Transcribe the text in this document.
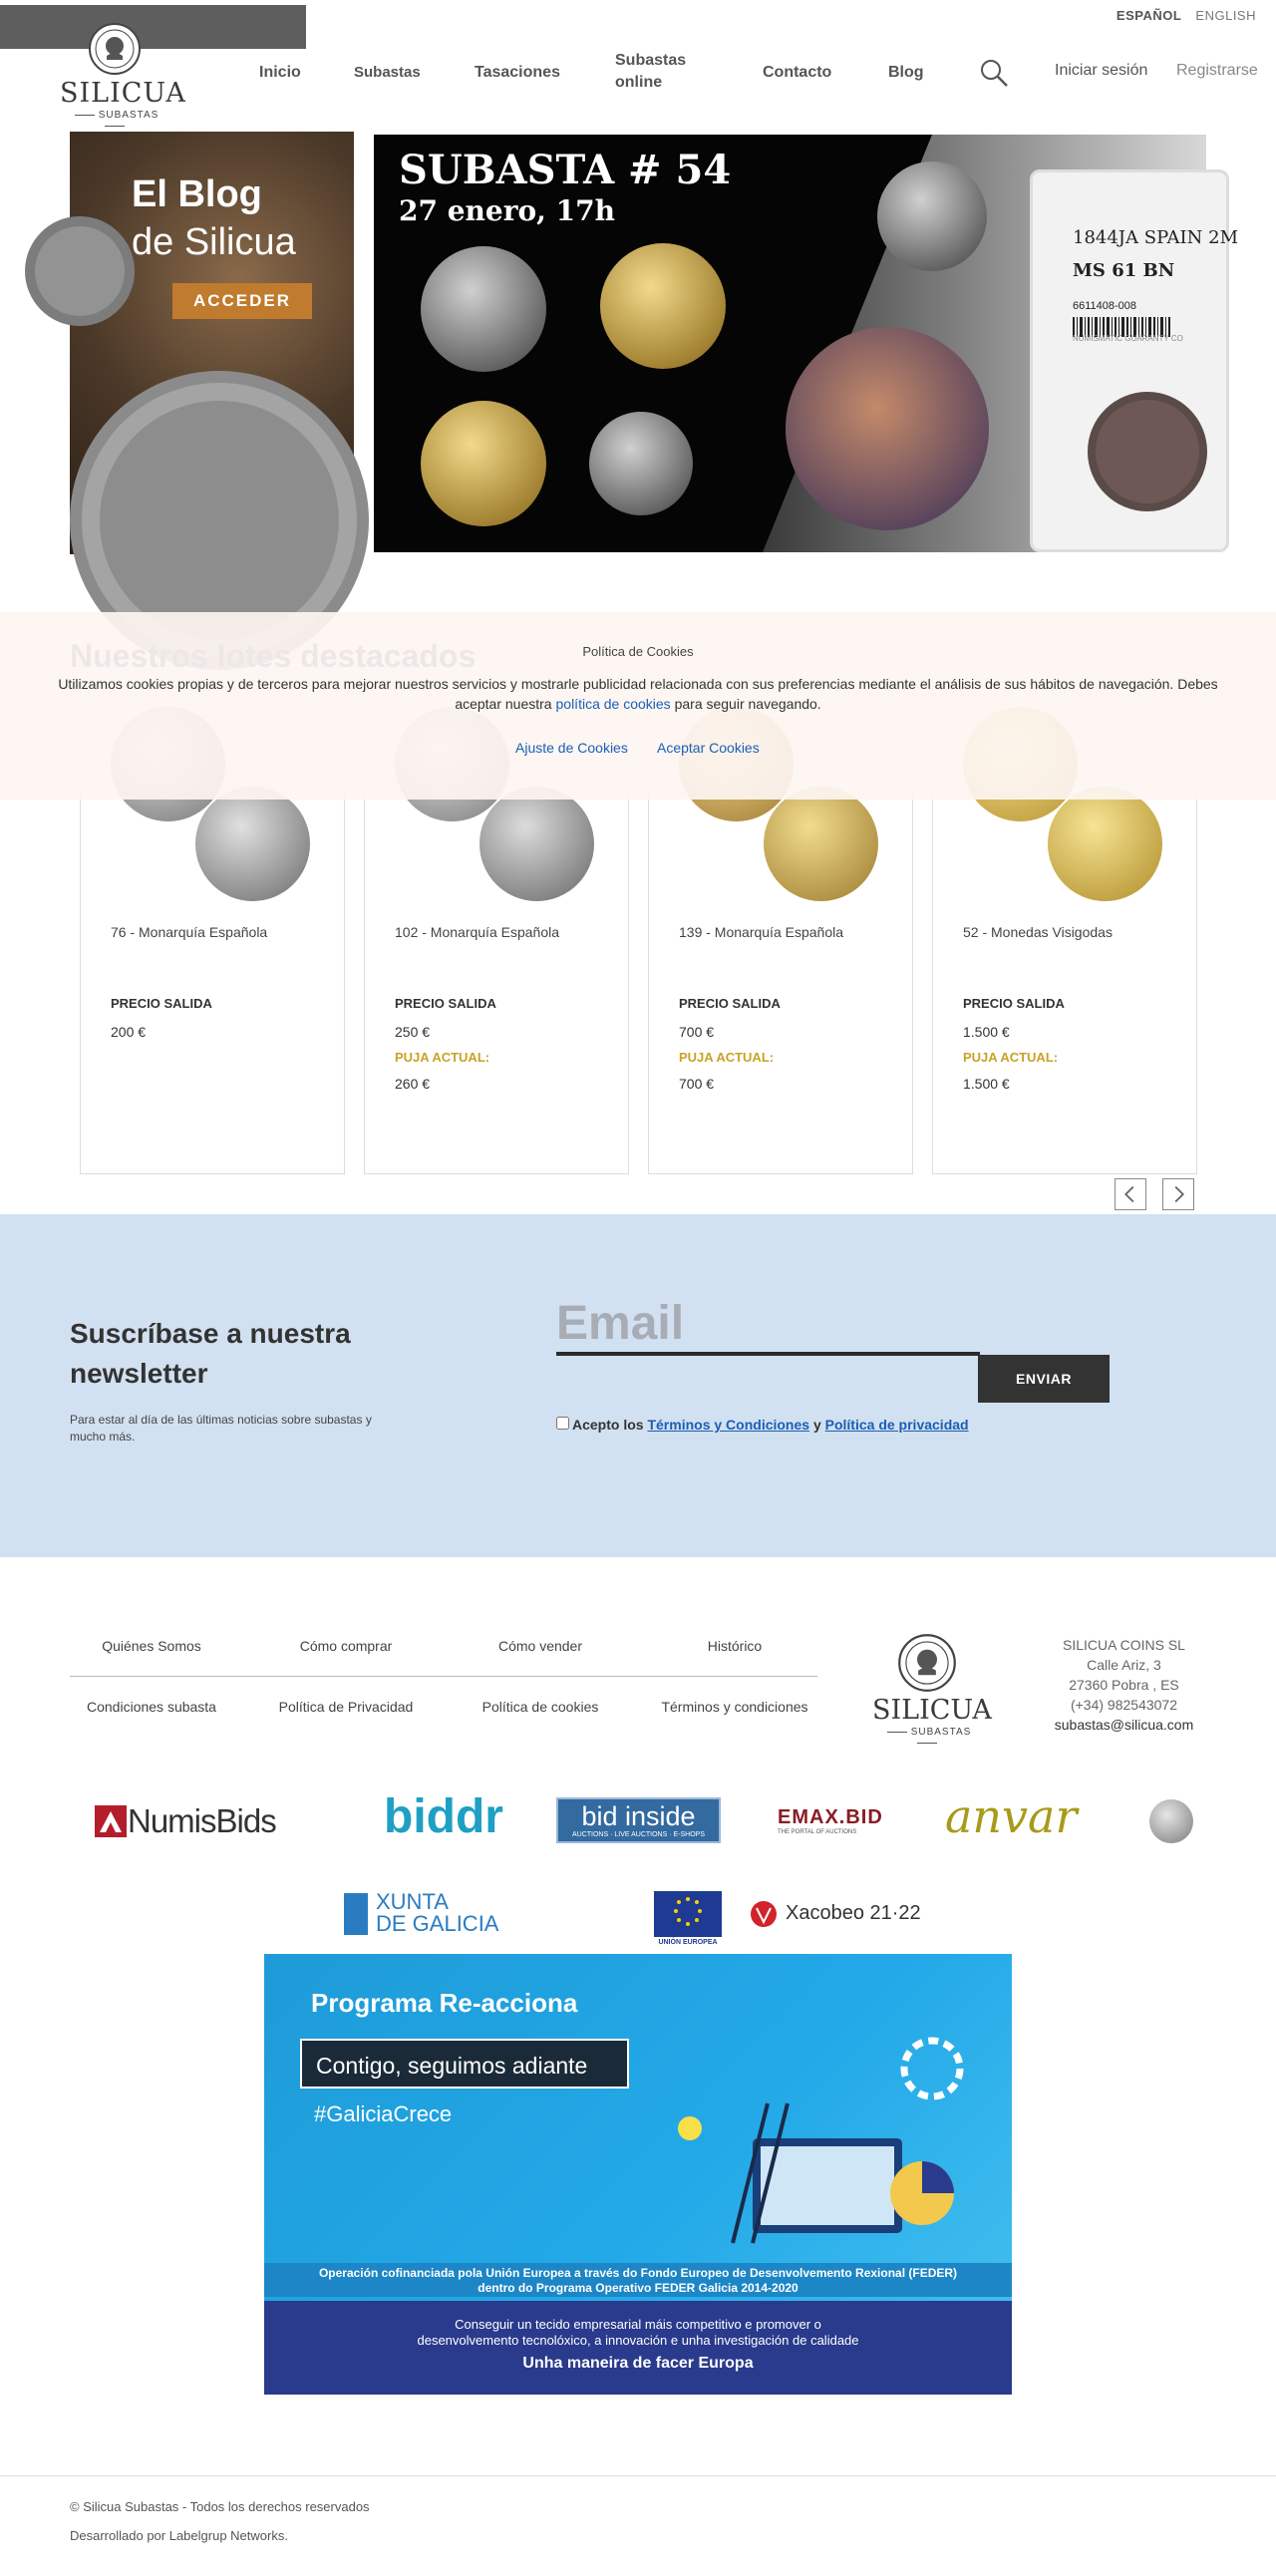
ESPAÑOL ENGLISH
SILICUA
SUBASTAS
Inicio	Subastas	Tasaciones
Subastas online
Contacto	Blog	Iniciar sesión Registrarse
El Blog
de Silicua
ACCEDER
SUBASTA # 54
27 enero, 17h
1844JA SPAIN 2M
MS 61 BN
6611408-008
NUMISMATIC GUARANTY CO
76 - Monarquía Española
PRECIO SALIDA
200 €
102 - Monarquía Española
PRECIO SALIDA
250 €
PUJA ACTUAL:
260 €
139 - Monarquía Española
PRECIO SALIDA
700 €
PUJA ACTUAL:
700 €
52 - Monedas Visigodas
PRECIO SALIDA
1.500 €
PUJA ACTUAL:
1.500 €
Política de Cookies
Utilizamos cookies propias y de terceros para mejorar nuestros servicios y mostrarle publicidad relacionada con sus preferencias mediante el análisis de sus hábitos de navegación. Debes aceptar nuestra política de cookies para seguir navegando.
Ajuste de Cookies Aceptar Cookies
Suscríbase a nuestra newsletter
Para estar al día de las últimas noticias sobre subastas y mucho más.
Email
ENVIAR
Acepto los Términos y Condiciones y Política de privacidad
Quiénes Somos	Cómo comprar	Cómo vender	Histórico
Condiciones subasta	Política de Privacidad	Política de cookies	Términos y condiciones	SILICUA
SUBASTAS
SILICUA COINS SL
Calle Ariz, 3
27360 Pobra , ES
(+34) 982543072
subastas@silicua.com
NumisBids biddr	bid inside
AUCTIONS · LIVE AUCTIONS · E-SHOPS
EMAX.BID
THE PORTAL OF AUCTIONS	anvar
XUNTA
DE GALICIA
UNIÓN EUROPEA
Xacobeo 21·22
Programa Re-acciona
Contigo, seguimos adiante
#GaliciaCrece
Operación cofinanciada pola Unión Europea a través do Fondo Europeo de Desenvolvemento Rexional (FEDER)
dentro do Programa Operativo FEDER Galicia 2014-2020
Conseguir un tecido empresarial máis competitivo e promover o
desenvolvemento tecnolóxico, a innovación e unha investigación de calidade
Unha maneira de facer Europa
© Silicua Subastas - Todos los derechos reservados
Desarrollado por Labelgrup Networks.
